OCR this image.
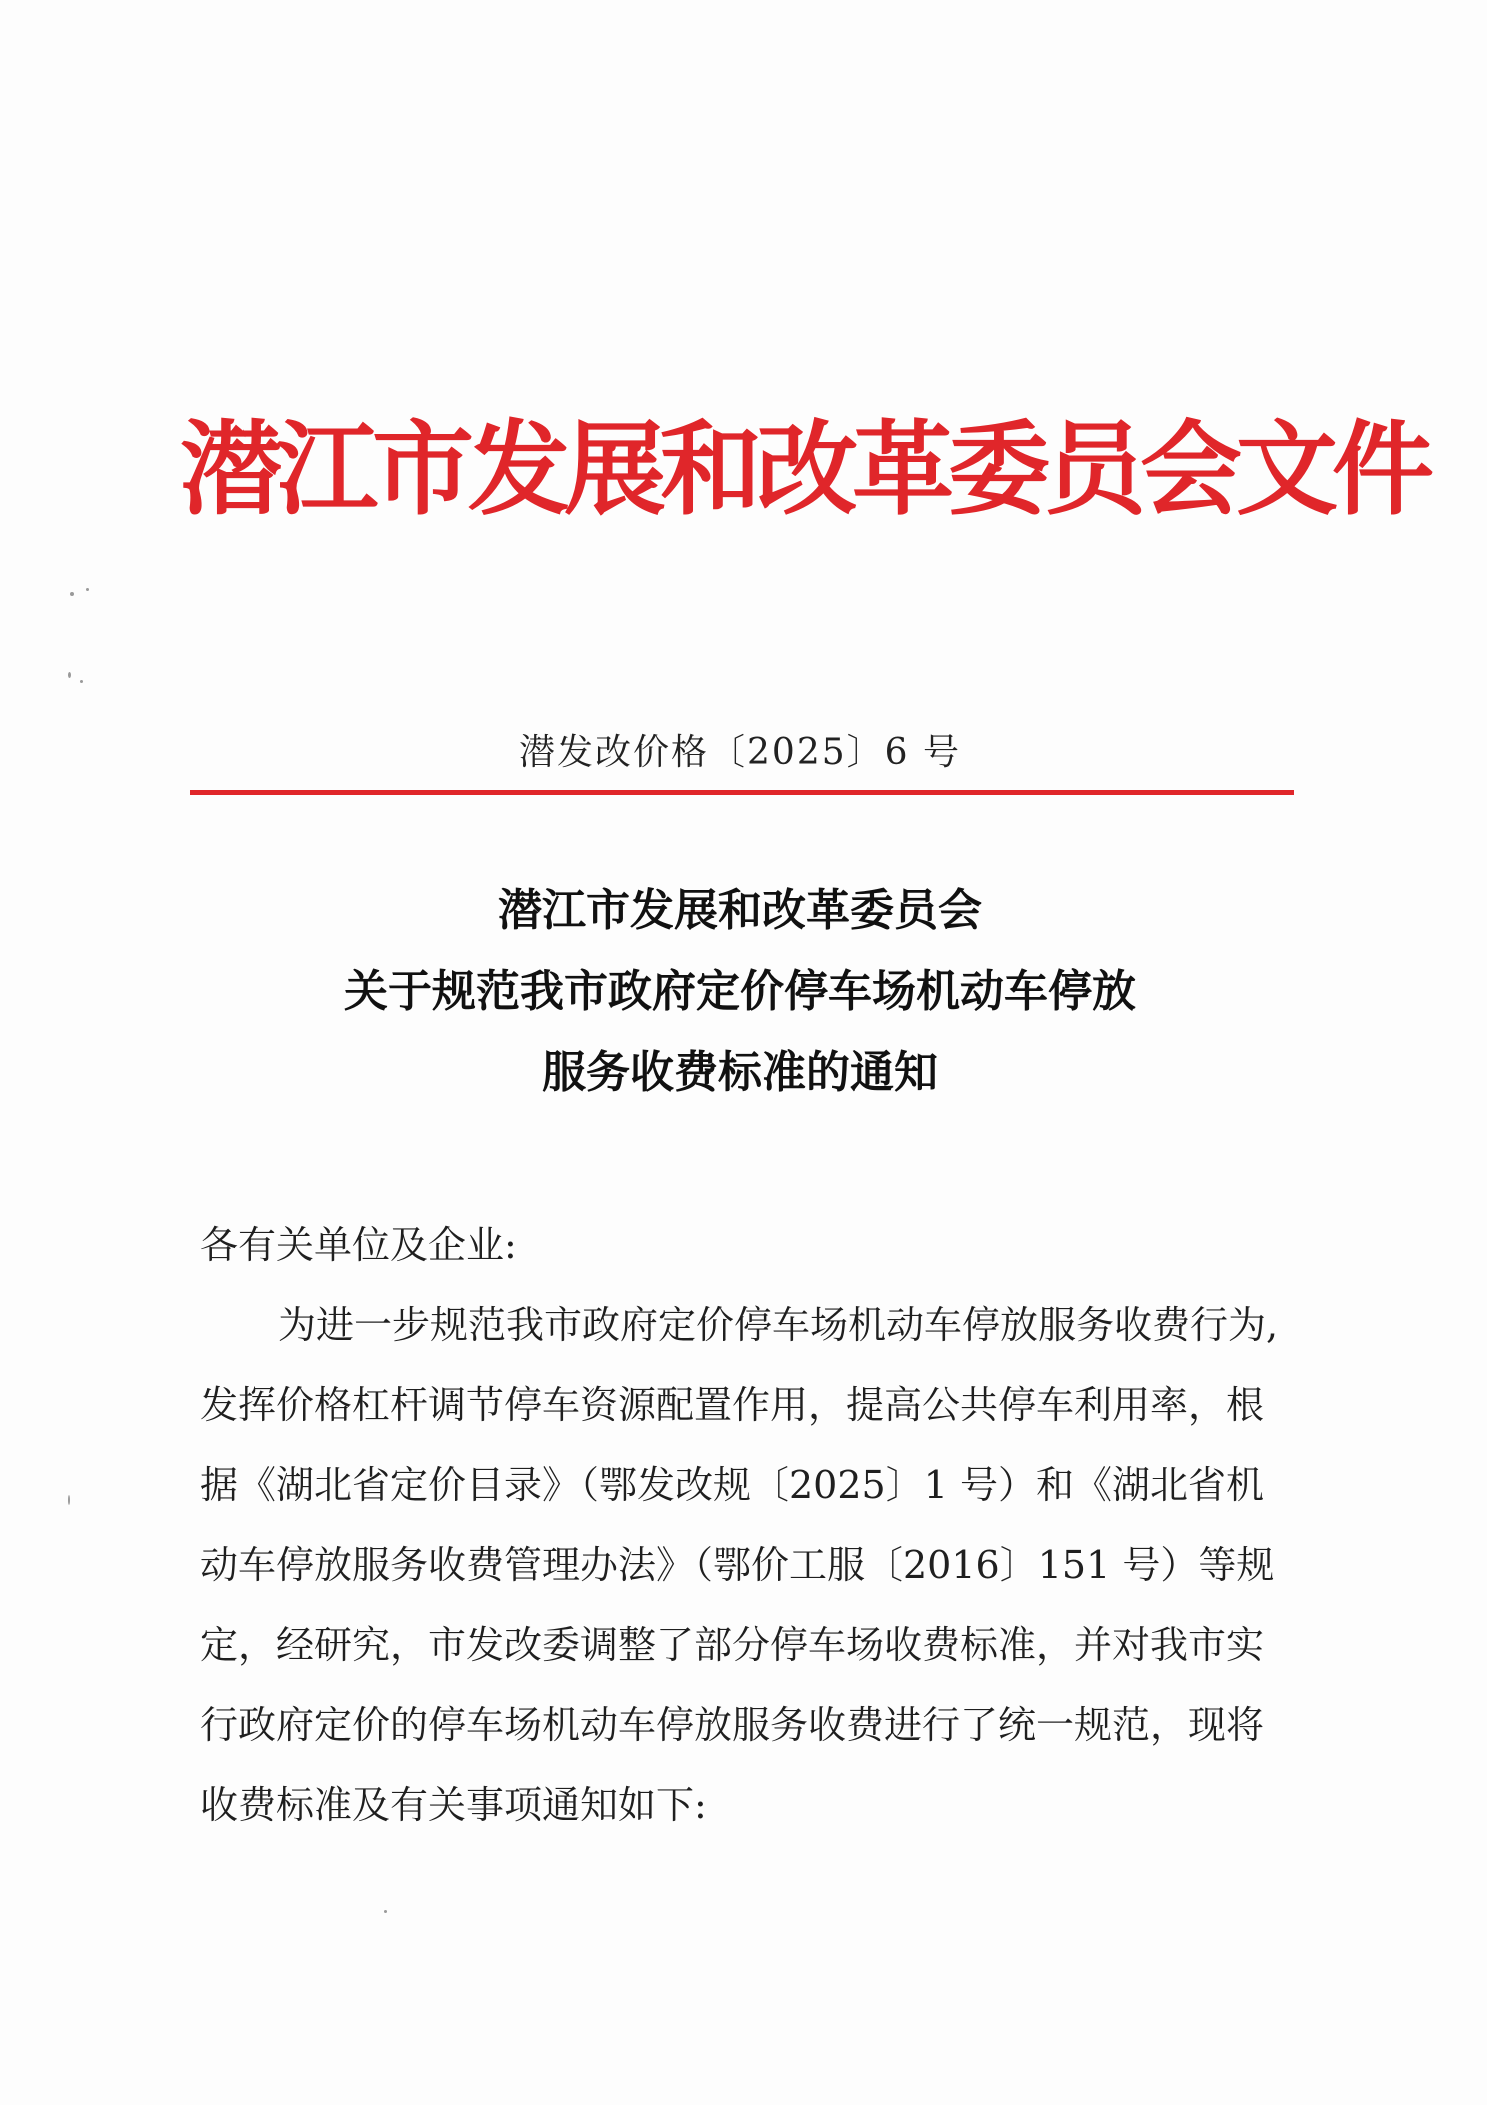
潜江市发展和改革委员会文件
潜发改价格〔2025〕6 号
潜江市发展和改革委员会
关于规范我市政府定价停车场机动车停放
服务收费标准的通知
各有关单位及企业:
为进一步规范我市政府定价停车场机动车停放服务收费行为,
发挥价格杠杆调节停车资源配置作用，提高公共停车利用率，根
据《湖北省定价目录》（鄂发改规〔2025〕1 号）和《湖北省机
动车停放服务收费管理办法》（鄂价工服〔2016〕151 号）等规
定，经研究，市发改委调整了部分停车场收费标准，并对我市实
行政府定价的停车场机动车停放服务收费进行了统一规范，现将
收费标准及有关事项通知如下:
